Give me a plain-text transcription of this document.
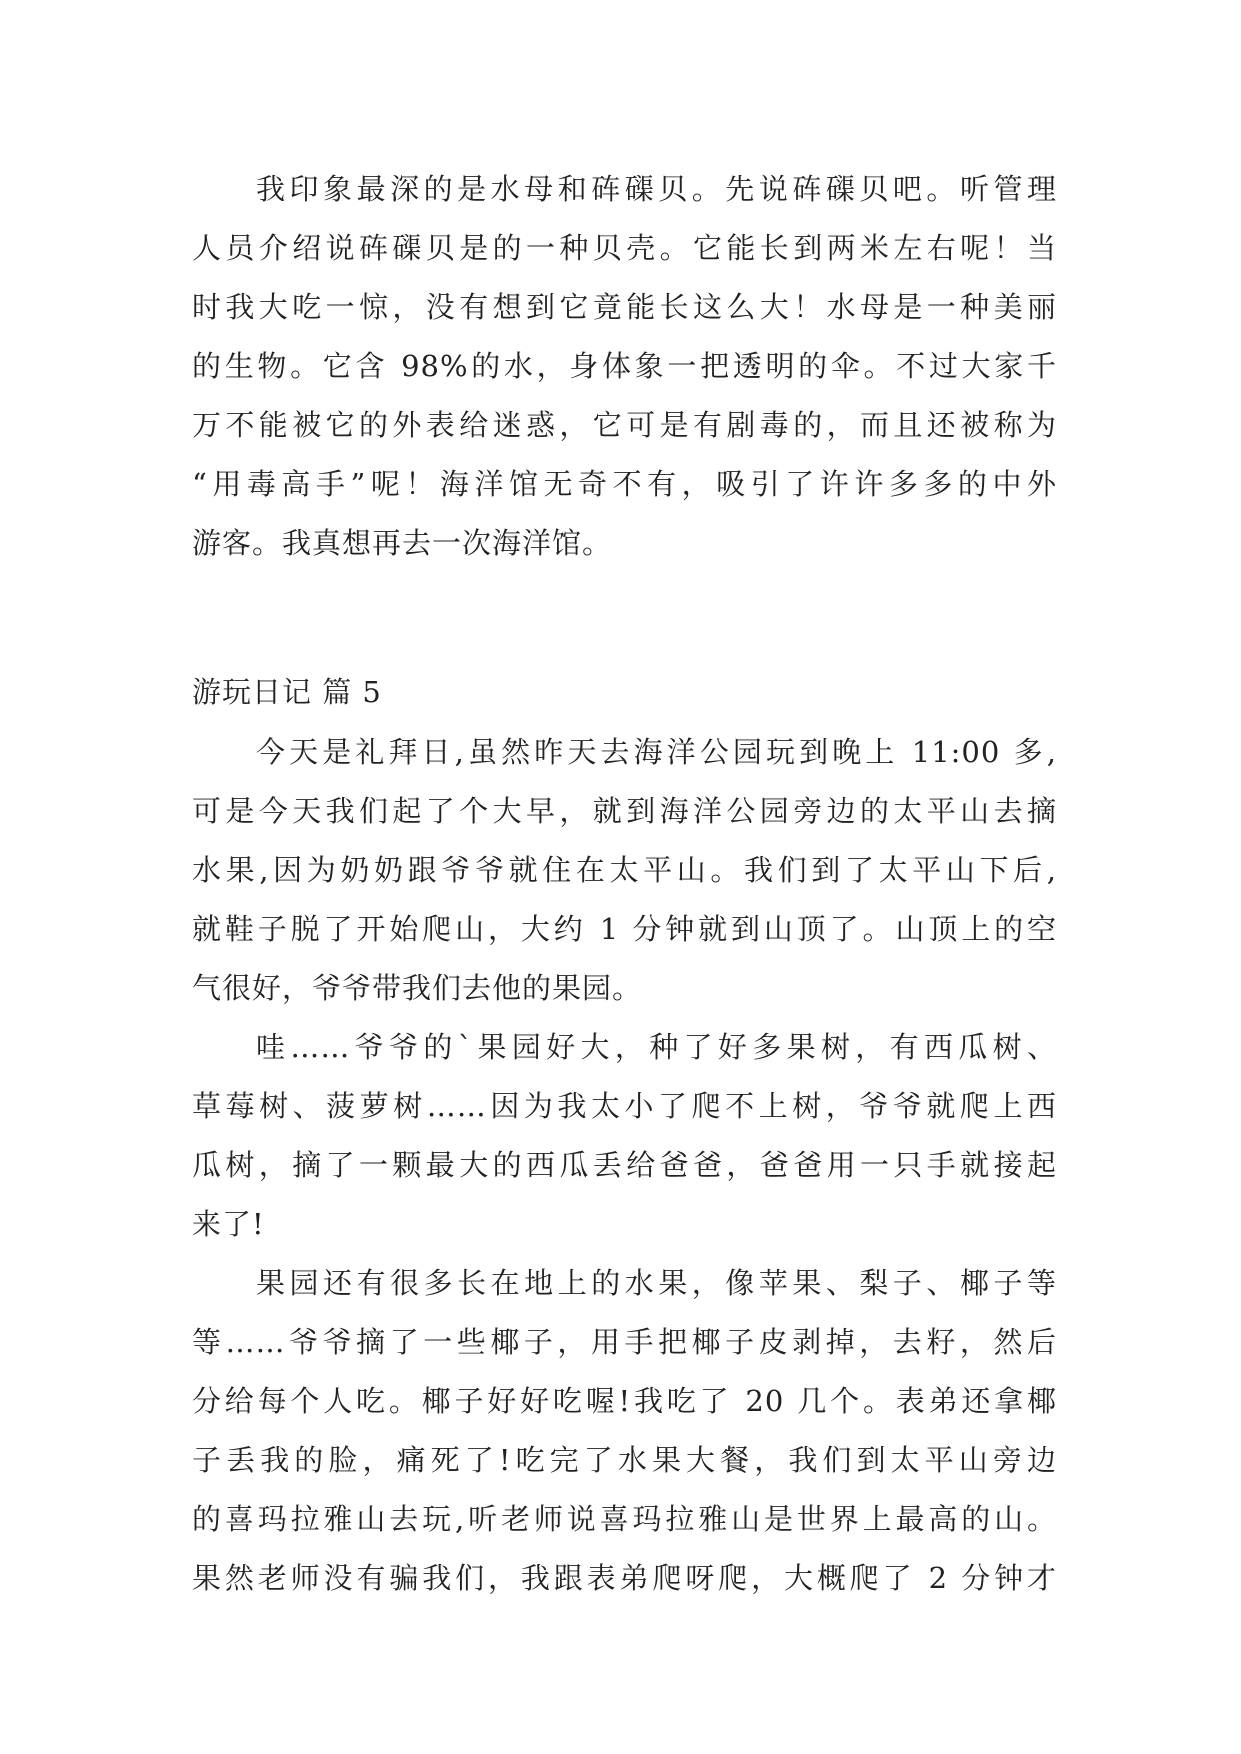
我印象最深的是水母和砗磲贝。先说砗磲贝吧。听管理
人员介绍说砗磲贝是的一种贝壳。它能长到两米左右呢！当
时我大吃一惊，没有想到它竟能长这么大！水母是一种美丽
的生物。它含 98%的水，身体象一把透明的伞。不过大家千
万不能被它的外表给迷惑，它可是有剧毒的，而且还被称为
“用毒高手”呢！海洋馆无奇不有，吸引了许许多多的中外
游客。我真想再去一次海洋馆。
游玩日记 篇 5
今天是礼拜日,虽然昨天去海洋公园玩到晚上 11:00 多,
可是今天我们起了个大早，就到海洋公园旁边的太平山去摘
水果,因为奶奶跟爷爷就住在太平山。我们到了太平山下后,
就鞋子脱了开始爬山，大约 1 分钟就到山顶了。山顶上的空
气很好，爷爷带我们去他的果园。
哇……爷爷的`果园好大，种了好多果树，有西瓜树、
草莓树、菠萝树……因为我太小了爬不上树，爷爷就爬上西
瓜树，摘了一颗最大的西瓜丢给爸爸，爸爸用一只手就接起
来了!
果园还有很多长在地上的水果，像苹果、梨子、椰子等
等……爷爷摘了一些椰子，用手把椰子皮剥掉，去籽，然后
分给每个人吃。椰子好好吃喔!我吃了 20 几个。表弟还拿椰
子丢我的脸，痛死了!吃完了水果大餐，我们到太平山旁边
的喜玛拉雅山去玩,听老师说喜玛拉雅山是世界上最高的山。
果然老师没有骗我们，我跟表弟爬呀爬，大概爬了 2 分钟才
